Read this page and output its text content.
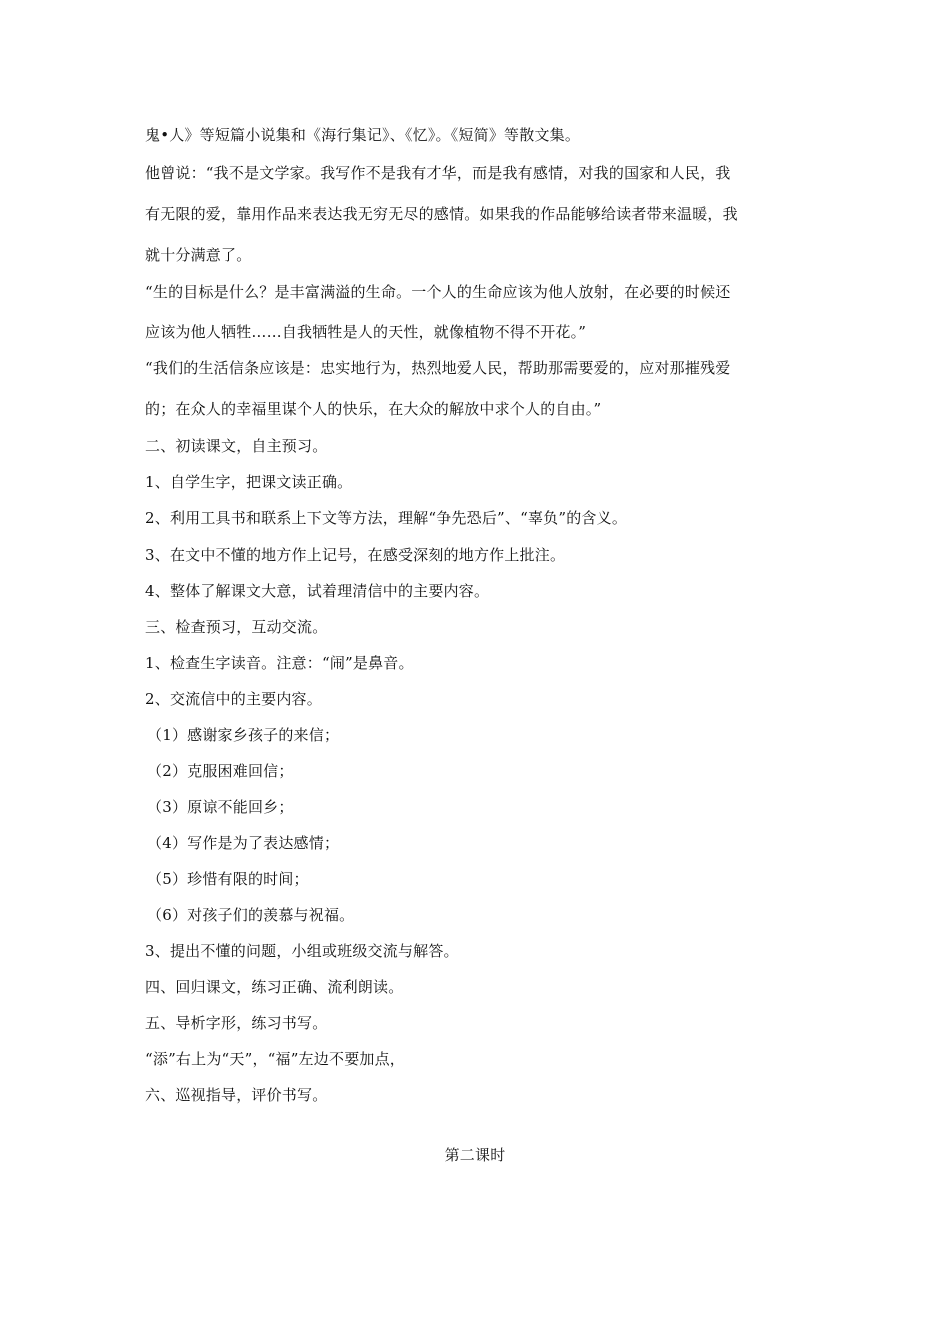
鬼•人》等短篇小说集和《海行集记》、《忆》。《短简》等散文集。
他曾说：“我不是文学家。我写作不是我有才华，而是我有感情，对我的国家和人民，我
有无限的爱，靠用作品来表达我无穷无尽的感情。如果我的作品能够给读者带来温暖，我
就十分满意了。
“生的目标是什么？是丰富满溢的生命。一个人的生命应该为他人放射，在必要的时候还
应该为他人牺牲……自我牺牲是人的天性，就像植物不得不开花。”
“我们的生活信条应该是：忠实地行为，热烈地爱人民，帮助那需要爱的，应对那摧残爱
的；在众人的幸福里谋个人的快乐，在大众的解放中求个人的自由。”
二、初读课文，自主预习。
1、自学生字，把课文读正确。
2、利用工具书和联系上下文等方法，理解“争先恐后”、“辜负”的含义。
3、在文中不懂的地方作上记号，在感受深刻的地方作上批注。
4、整体了解课文大意，试着理清信中的主要内容。
三、检查预习，互动交流。
1、检查生字读音。注意：“闹”是鼻音。
2、交流信中的主要内容。
（1）感谢家乡孩子的来信；
（2）克服困难回信；
（3）原谅不能回乡；
（4）写作是为了表达感情；
（5）珍惜有限的时间；
（6）对孩子们的羡慕与祝福。
3、提出不懂的问题，小组或班级交流与解答。
四、回归课文，练习正确、流利朗读。
五、导析字形，练习书写。
“添”右上为“天”，“福”左边不要加点，
六、巡视指导，评价书写。
第二课时
